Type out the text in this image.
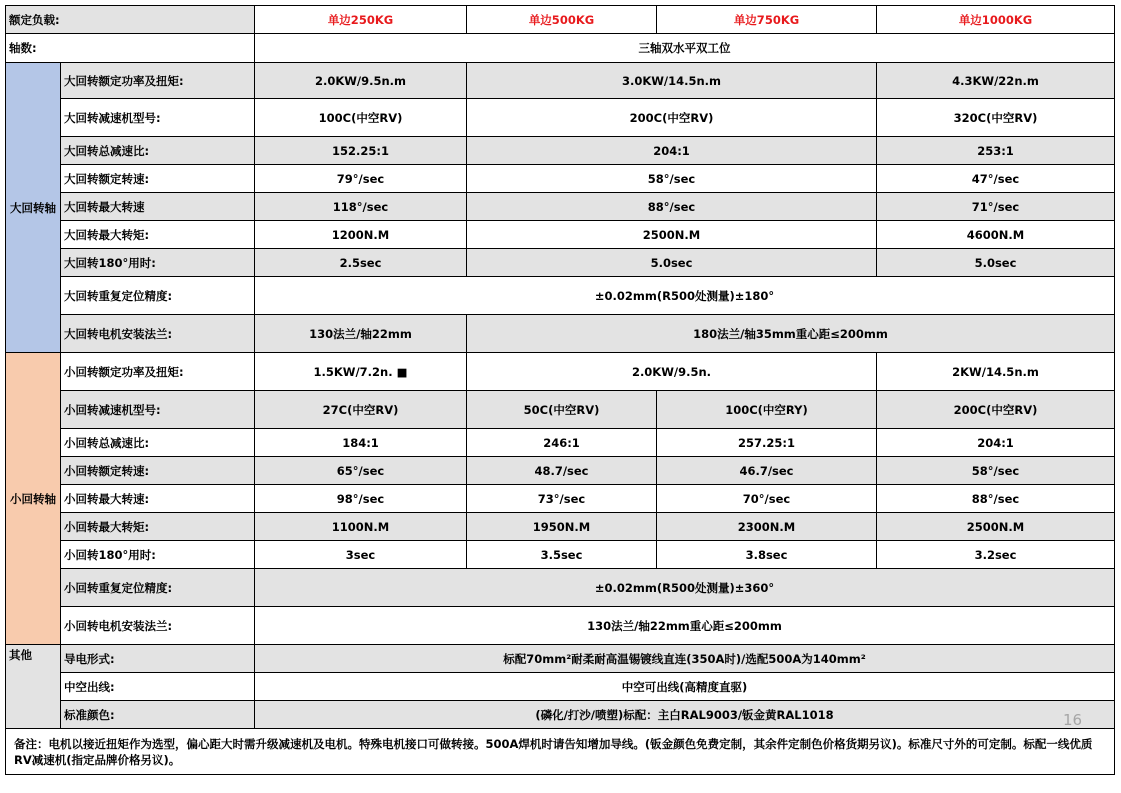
额定负载:		单边250KG	单边500KG	单边750KG	单边1000KG
轴数:		三轴双水平双工位			
大回转轴	大回转额定功率及扭矩:	2.0KW/9.5n.m	3.0KW/14.5n.m		4.3KW/22n.m
	大回转减速机型号:	100C(中空RV)	200C(中空RV)		320C(中空RV)
	大回转总减速比:	152.25:1	204:1		253:1
	大回转额定转速:	79°/sec	58°/sec		47°/sec
	大回转最大转速	118°/sec	88°/sec		71°/sec
	大回转最大转矩:	1200N.M	2500N.M		4600N.M
	大回转180°用时:	2.5sec	5.0sec		5.0sec
	大回转重复定位精度:	±0.02mm(R500处测量)±180°			
	大回转电机安装法兰:	130法兰/轴22mm	180法兰/轴35mm重心距≤200mm		
小回转轴	小回转额定功率及扭矩:	1.5KW/7.2n. ■	2.0KW/9.5n.		2KW/14.5n.m
	小回转减速机型号:	27C(中空RV)	50C(中空RV)	100C(中空RY)	200C(中空RV)
	小回转总减速比:	184:1	246:1	257.25:1	204:1
	小回转额定转速:	65°/sec	48.7/sec	46.7/sec	58°/sec
	小回转最大转速:	98°/sec	73°/sec	70°/sec	88°/sec
	小回转最大转矩:	1100N.M	1950N.M	2300N.M	2500N.M
	小回转180°用时:	3sec	3.5sec	3.8sec	3.2sec
	小回转重复定位精度:	±0.02mm(R500处测量)±360°			
	小回转电机安装法兰:	130法兰/轴22mm重心距≤200mm			
其他	导电形式:	标配70mm²耐柔耐高温锡镀线直连(350A时)/选配500A为140mm²			
	中空出线:	中空可出线(高精度直驱)			
	标准颜色:	(磷化/打沙/喷塑)标配：主白RAL9003/钣金黄RAL1018			
备注：电机以接近扭矩作为选型，偏心距大时需升级减速机及电机。特殊电机接口可做转接。500A焊机时请告知增加导线。(钣金颜色免费定制，其余件定制色价格货期另议)。标准尺寸外的可定制。标配一线优质RV减速机(指定品牌价格另议)。					
16
